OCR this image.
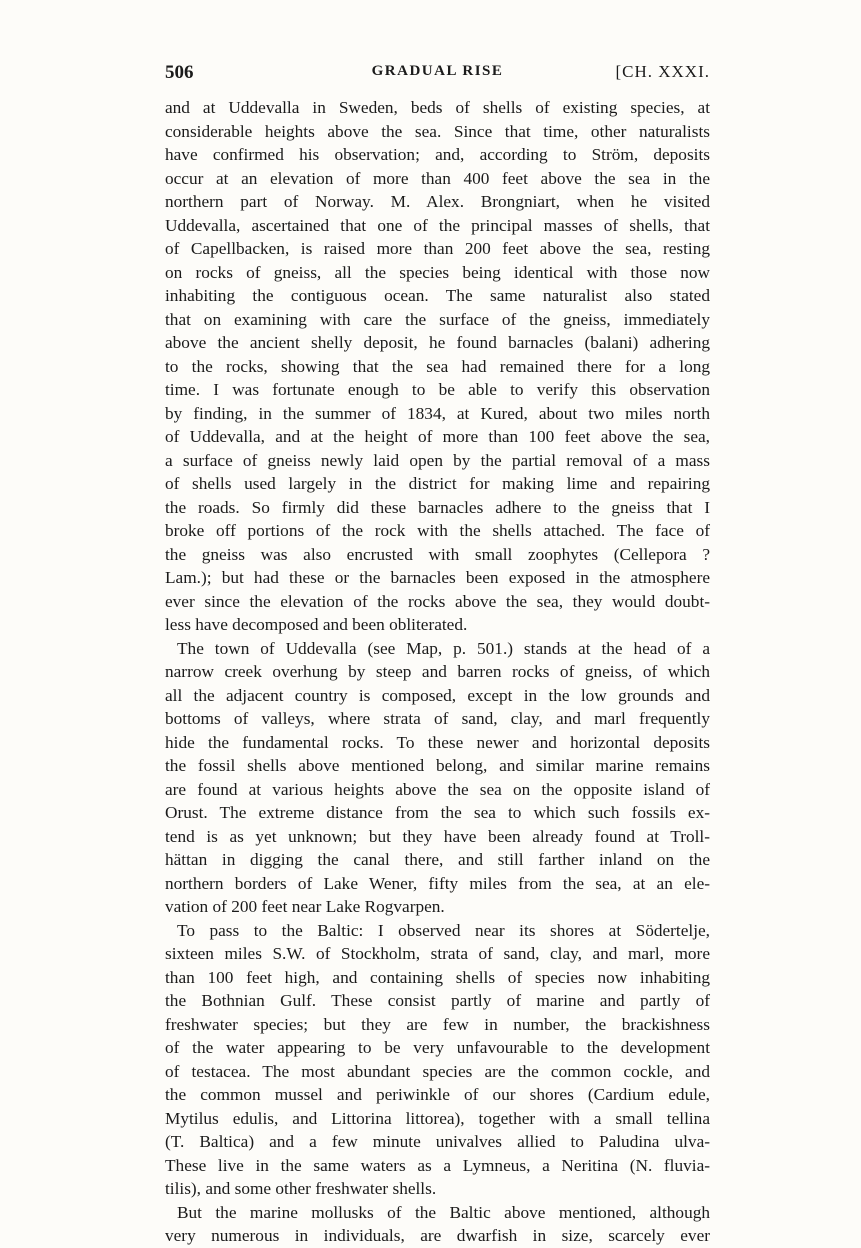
506	GRADUAL RISE	[CH. XXXI.
and at Uddevalla in Sweden, beds of shells of existing species, at
considerable heights above the sea. Since that time, other naturalists
have confirmed his observation; and, according to Ström, deposits
occur at an elevation of more than 400 feet above the sea in the
northern part of Norway. M. Alex. Brongniart, when he visited
Uddevalla, ascertained that one of the principal masses of shells, that
of Capellbacken, is raised more than 200 feet above the sea, resting
on rocks of gneiss, all the species being identical with those now
inhabiting the contiguous ocean. The same naturalist also stated
that on examining with care the surface of the gneiss, immediately
above the ancient shelly deposit, he found barnacles (balani) adhering
to the rocks, showing that the sea had remained there for a long
time. I was fortunate enough to be able to verify this observation
by finding, in the summer of 1834, at Kured, about two miles north
of Uddevalla, and at the height of more than 100 feet above the sea,
a surface of gneiss newly laid open by the partial removal of a mass
of shells used largely in the district for making lime and repairing
the roads. So firmly did these barnacles adhere to the gneiss that I
broke off portions of the rock with the shells attached. The face of
the gneiss was also encrusted with small zoophytes (Cellepora ?
Lam.); but had these or the barnacles been exposed in the atmosphere
ever since the elevation of the rocks above the sea, they would doubt-
less have decomposed and been obliterated.
The town of Uddevalla (see Map, p. 501.) stands at the head of a
narrow creek overhung by steep and barren rocks of gneiss, of which
all the adjacent country is composed, except in the low grounds and
bottoms of valleys, where strata of sand, clay, and marl frequently
hide the fundamental rocks. To these newer and horizontal deposits
the fossil shells above mentioned belong, and similar marine remains
are found at various heights above the sea on the opposite island of
Orust. The extreme distance from the sea to which such fossils ex-
tend is as yet unknown; but they have been already found at Troll-
hättan in digging the canal there, and still farther inland on the
northern borders of Lake Wener, fifty miles from the sea, at an ele-
vation of 200 feet near Lake Rogvarpen.
To pass to the Baltic: I observed near its shores at Södertelje,
sixteen miles S.W. of Stockholm, strata of sand, clay, and marl, more
than 100 feet high, and containing shells of species now inhabiting
the Bothnian Gulf. These consist partly of marine and partly of
freshwater species; but they are few in number, the brackishness
of the water appearing to be very unfavourable to the development
of testacea. The most abundant species are the common cockle, and
the common mussel and periwinkle of our shores (Cardium edule,
Mytilus edulis, and Littorina littorea), together with a small tellina
(T. Baltica) and a few minute univalves allied to Paludina ulva-
These live in the same waters as a Lymneus, a Neritina (N. fluvia-
tilis), and some other freshwater shells.
But the marine mollusks of the Baltic above mentioned, although
very numerous in individuals, are dwarfish in size, scarcely ever
